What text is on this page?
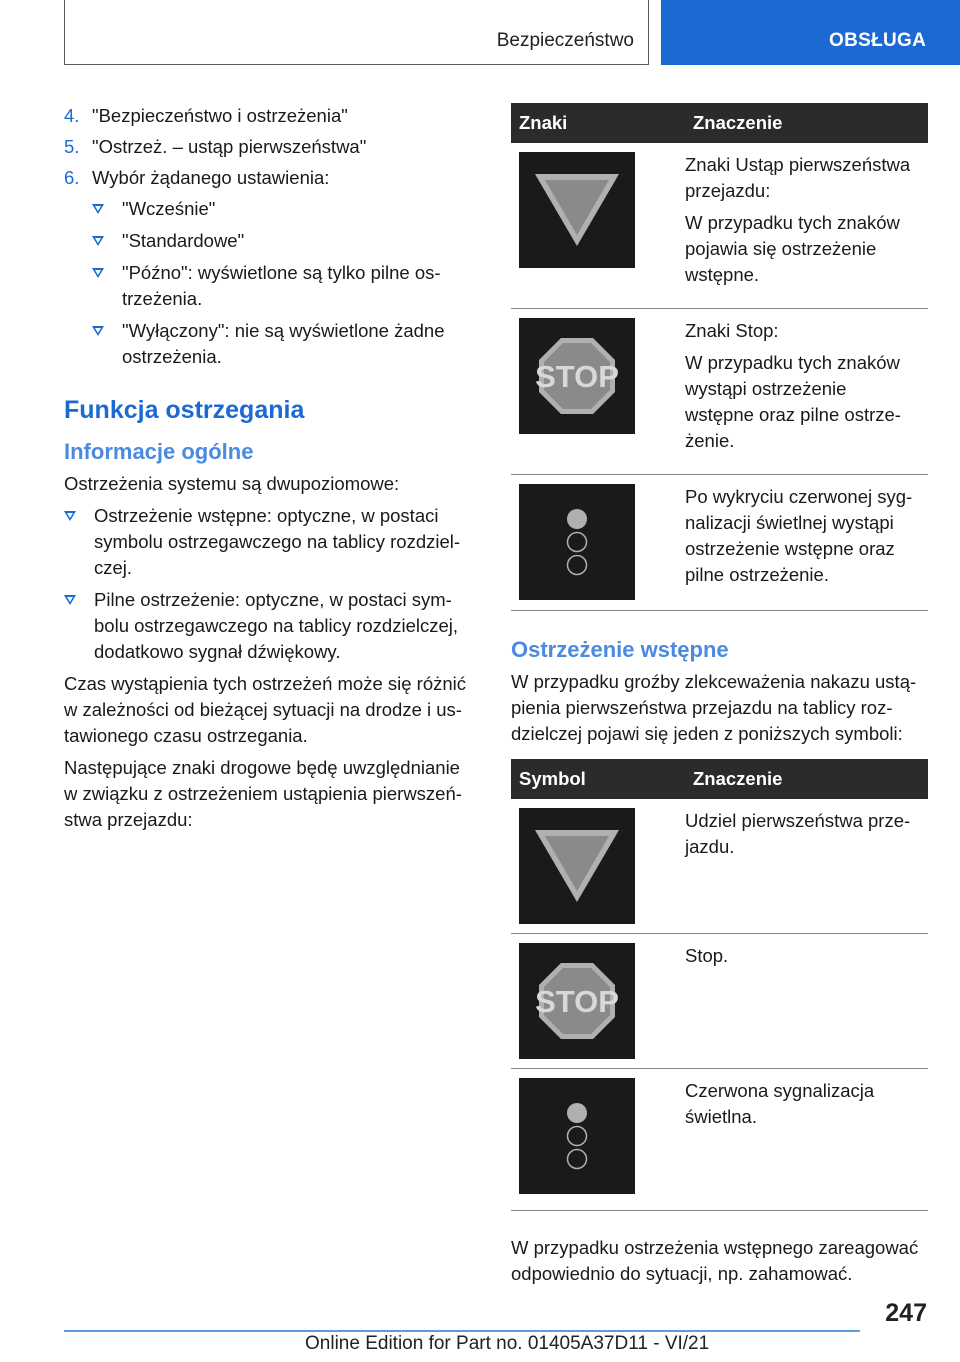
Bezpieczeństwo	OBSŁUGA
4. "Bezpieczeństwo i ostrzeżenia"
5. "Ostrzeż. – ustąp pierwszeństwa"
6. Wybór żądanego ustawienia:
"Wcześnie"
"Standardowe"
"Późno": wyświetlone są tylko pilne ostrzeżenia.
"Wyłączony": nie są wyświetlone żadne ostrzeżenia.
Funkcja ostrzegania
Informacje ogólne
Ostrzeżenia systemu są dwupoziomowe:
Ostrzeżenie wstępne: optyczne, w postaci symbolu ostrzegawczego na tablicy rozdzielczej.
Pilne ostrzeżenie: optyczne, w postaci symbolu ostrzegawczego na tablicy rozdzielczej, dodatkowo sygnał dźwiękowy.
Czas wystąpienia tych ostrzeżeń może się różnić w zależności od bieżącej sytuacji na drodze i ustawionego czasu ostrzegania.
Następujące znaki drogowe będę uwzględnianie w związku z ostrzeżeniem ustąpienia pierwszeństwa przejazdu:
Znaki	Znaczenie

Znaki Ustąp pierwszeństwa przejazdu:

W przypadku tych znaków pojawia się ostrzeżenie wstępne.

STOP	Znaki Stop:

W przypadku tych znaków wystąpi ostrzeżenie wstępne oraz pilne ostrzeżenie.

Po wykryciu czerwonej sygnalizacji świetlnej wystąpi ostrzeżenie wstępne oraz pilne ostrzeżenie.

Ostrzeżenie wstępne
W przypadku groźby zlekceważenia nakazu ustąpienia pierwszeństwa przejazdu na tablicy rozdzielczej pojawi się jeden z poniższych symboli:
Symbol	Znaczenie

Udziel pierwszeństwa przejazdu.

STOP	Stop.

Czerwona sygnalizacja świetlna.

W przypadku ostrzeżenia wstępnego zareagować odpowiednio do sytuacji, np. zahamować.
247
Online Edition for Part no. 01405A37D11 - VI/21
